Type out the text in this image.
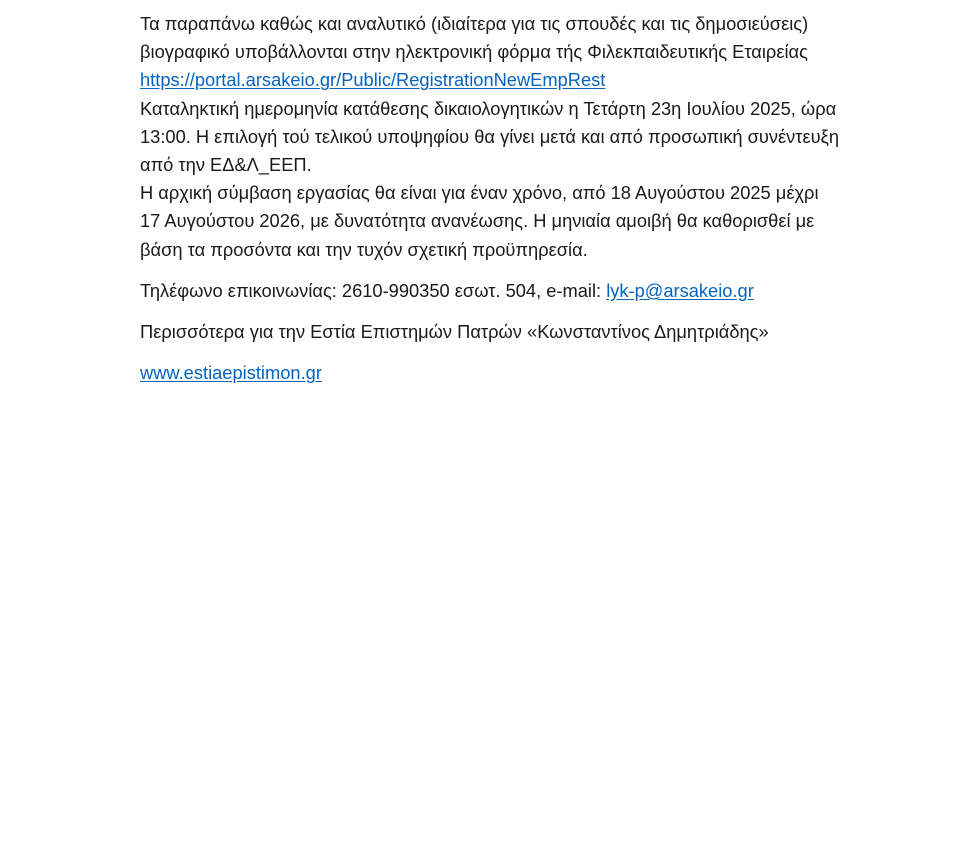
Τα παραπάνω καθώς και αναλυτικό (ιδιαίτερα για τις σπουδές και τις δημοσιεύσεις) βιογραφικό υποβάλλονται στην ηλεκτρονική φόρμα τής Φιλεκπαιδευτικής Εταιρείας https://portal.arsakeio.gr/Public/RegistrationNewEmpRest

Καταληκτική ημερομηνία κατάθεσης δικαιολογητικών η Τετάρτη 23η Ιουλίου 2025, ώρα 13:00. Η επιλογή τού τελικού υποψηφίου θα γίνει μετά και από προσωπική συνέντευξη από την ΕΔ&Λ_ΕΕΠ.

Η αρχική σύμβαση εργασίας θα είναι για έναν χρόνο, από 18 Αυγούστου 2025 μέχρι 17 Αυγούστου 2026, με δυνατότητα ανανέωσης. Η μηνιαία αμοιβή θα καθορισθεί με βάση τα προσόντα και την τυχόν σχετική προϋπηρεσία.

Τηλέφωνο επικοινωνίας: 2610-990350 εσωτ. 504, e-mail: lyk-p@arsakeio.gr

Περισσότερα για την Εστία Επιστημών Πατρών «Κωνσταντίνος Δημητριάδης»

www.estiaepistimon.gr
